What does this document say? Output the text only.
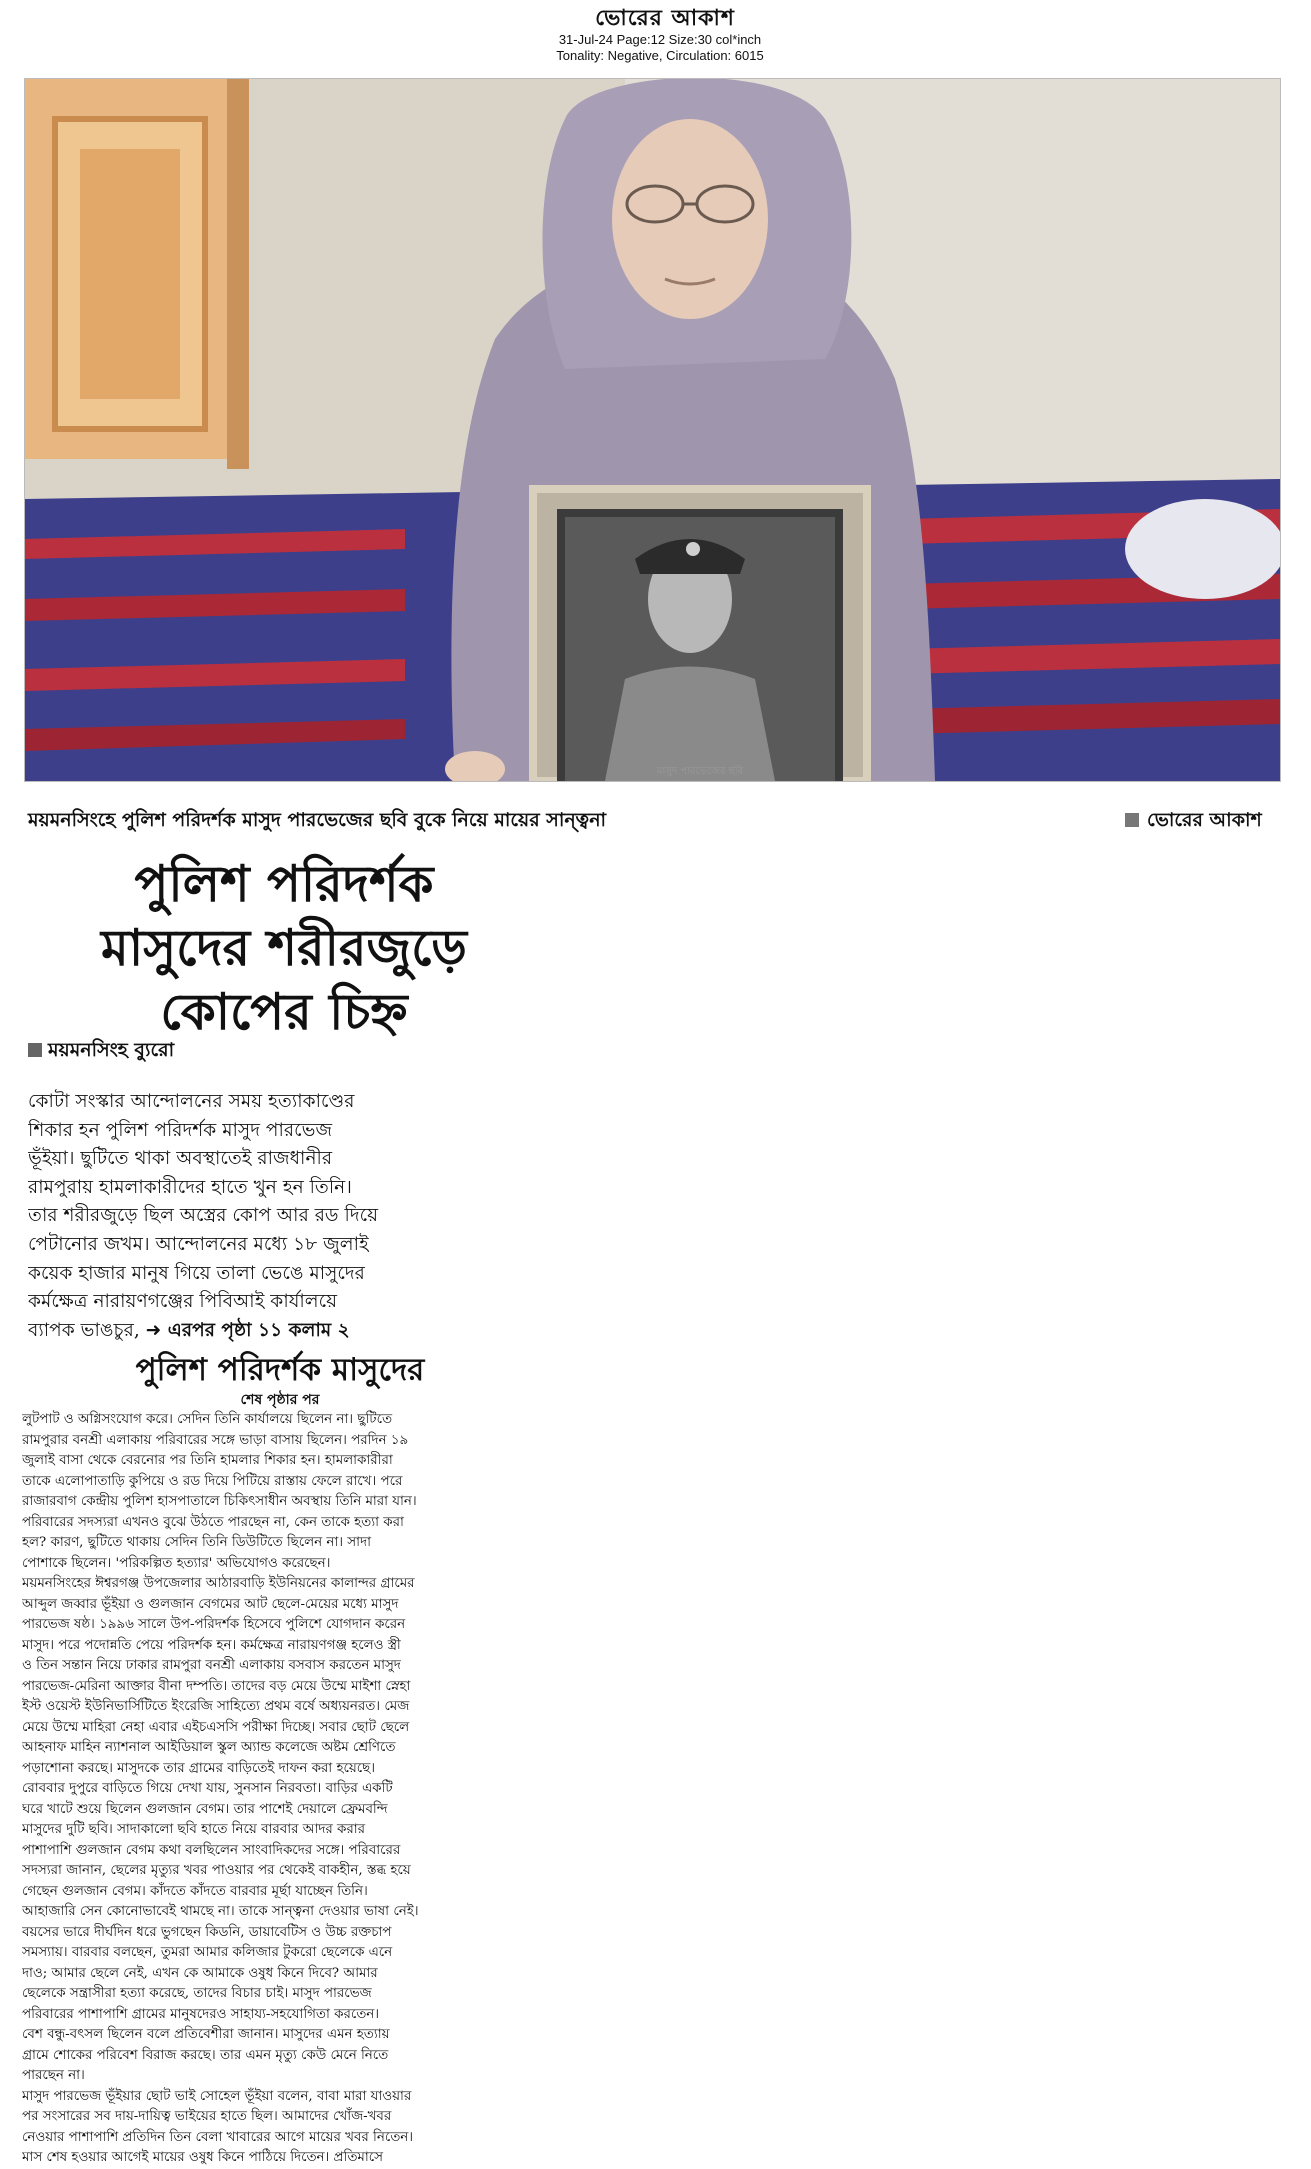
ভোরের আকাশ
31-Jul-24 Page:12 Size:30 col*inch
Tonality: Negative, Circulation: 6015
মাসুদ পারভেজের ছবি
ময়মনসিংহে পুলিশ পরিদর্শক মাসুদ পারভেজের ছবি বুকে নিয়ে মায়ের সান্ত্বনা	ভোরের আকাশ
পুলিশ পরিদর্শক
মাসুদের শরীরজুড়ে
কোপের চিহ্ন
ময়মনসিংহ ব্যুরো
কোটা সংস্কার আন্দোলনের সময় হত্যাকাণ্ডের
শিকার হন পুলিশ পরিদর্শক মাসুদ পারভেজ
ভূঁইয়া। ছুটিতে থাকা অবস্থাতেই রাজধানীর
রামপুরায় হামলাকারীদের হাতে খুন হন তিনি।
তার শরীরজুড়ে ছিল অস্ত্রের কোপ আর রড দিয়ে
পেটানোর জখম। আন্দোলনের মধ্যে ১৮ জুলাই
কয়েক হাজার মানুষ গিয়ে তালা ভেঙে মাসুদের
কর্মক্ষেত্র নারায়ণগঞ্জের পিবিআই কার্যালয়ে
ব্যাপক ভাঙচুর, ➜ এরপর পৃষ্ঠা ১১ কলাম ২
পুলিশ পরিদর্শক মাসুদের
শেষ পৃষ্ঠার পর
লুটপাট ও অগ্নিসংযোগ করে। সেদিন তিনি কার্যালয়ে ছিলেন না। ছুটিতে
রামপুরার বনশ্রী এলাকায় পরিবারের সঙ্গে ভাড়া বাসায় ছিলেন। পরদিন ১৯
জুলাই বাসা থেকে বেরনোর পর তিনি হামলার শিকার হন। হামলাকারীরা
তাকে এলোপাতাড়ি কুপিয়ে ও রড দিয়ে পিটিয়ে রাস্তায় ফেলে রাখে। পরে
রাজারবাগ কেন্দ্রীয় পুলিশ হাসপাতালে চিকিৎসাধীন অবস্থায় তিনি মারা যান।
পরিবারের সদস্যরা এখনও বুঝে উঠতে পারছেন না, কেন তাকে হত্যা করা
হল? কারণ, ছুটিতে থাকায় সেদিন তিনি ডিউটিতে ছিলেন না। সাদা
পোশাকে ছিলেন। 'পরিকল্পিত হত্যার' অভিযোগও করেছেন।
ময়মনসিংহের ঈশ্বরগঞ্জ উপজেলার আঠারবাড়ি ইউনিয়নের কালান্দর গ্রামের
আব্দুল জব্বার ভূঁইয়া ও গুলজান বেগমের আট ছেলে-মেয়ের মধ্যে মাসুদ
পারভেজ ষষ্ঠ। ১৯৯৬ সালে উপ-পরিদর্শক হিসেবে পুলিশে যোগদান করেন
মাসুদ। পরে পদোন্নতি পেয়ে পরিদর্শক হন। কর্মক্ষেত্র নারায়ণগঞ্জ হলেও স্ত্রী
ও তিন সন্তান নিয়ে ঢাকার রামপুরা বনশ্রী এলাকায় বসবাস করতেন মাসুদ
পারভেজ-মেরিনা আক্তার বীনা দম্পতি। তাদের বড় মেয়ে উম্মে মাইশা স্নেহা
ইস্ট ওয়েস্ট ইউনিভার্সিটিতে ইংরেজি সাহিত্যে প্রথম বর্ষে অধ্যয়নরত। মেজ
মেয়ে উম্মে মাহিরা নেহা এবার এইচএসসি পরীক্ষা দিচ্ছে। সবার ছোট ছেলে
আহনাফ মাহিন ন্যাশনাল আইডিয়াল স্কুল অ্যান্ড কলেজে অষ্টম শ্রেণিতে
পড়াশোনা করছে। মাসুদকে তার গ্রামের বাড়িতেই দাফন করা হয়েছে।
রোববার দুপুরে বাড়িতে গিয়ে দেখা যায়, সুনসান নিরবতা। বাড়ির একটি
ঘরে খাটে শুয়ে ছিলেন গুলজান বেগম। তার পাশেই দেয়ালে ফ্রেমবন্দি
মাসুদের দুটি ছবি। সাদাকালো ছবি হাতে নিয়ে বারবার আদর করার
পাশাপাশি গুলজান বেগম কথা বলছিলেন সাংবাদিকদের সঙ্গে। পরিবারের
সদস্যরা জানান, ছেলের মৃত্যুর খবর পাওয়ার পর থেকেই বাকহীন, স্তব্ধ হয়ে
গেছেন গুলজান বেগম। কাঁদতে কাঁদতে বারবার মূর্ছা যাচ্ছেন তিনি।
আহাজারি সেন কোনোভাবেই থামছে না। তাকে সান্ত্বনা দেওয়ার ভাষা নেই।
বয়সের ভারে দীর্ঘদিন ধরে ভুগছেন কিডনি, ডায়াবেটিস ও উচ্চ রক্তচাপ
সমস্যায়। বারবার বলছেন, তুমরা আমার কলিজার টুকরো ছেলেকে এনে
দাও; আমার ছেলে নেই, এখন কে আমাকে ওষুধ কিনে দিবে? আমার
ছেলেকে সন্ত্রাসীরা হত্যা করেছে, তাদের বিচার চাই। মাসুদ পারভেজ
পরিবারের পাশাপাশি গ্রামের মানুষদেরও সাহায্য-সহযোগিতা করতেন।
বেশ বন্ধু-বৎসল ছিলেন বলে প্রতিবেশীরা জানান। মাসুদের এমন হত্যায়
গ্রামে শোকের পরিবেশ বিরাজ করছে। তার এমন মৃত্যু কেউ মেনে নিতে
পারছেন না।
মাসুদ পারভেজ ভূঁইয়ার ছোট ভাই সোহেল ভূঁইয়া বলেন, বাবা মারা যাওয়ার
পর সংসারের সব দায়-দায়িত্ব ভাইয়ের হাতে ছিল। আমাদের খোঁজ-খবর
নেওয়ার পাশাপাশি প্রতিদিন তিন বেলা খাবারের আগে মায়ের খবর নিতেন।
মাস শেষ হওয়ার আগেই মায়ের ওষুধ কিনে পাঠিয়ে দিতেন। প্রতিমাসে
